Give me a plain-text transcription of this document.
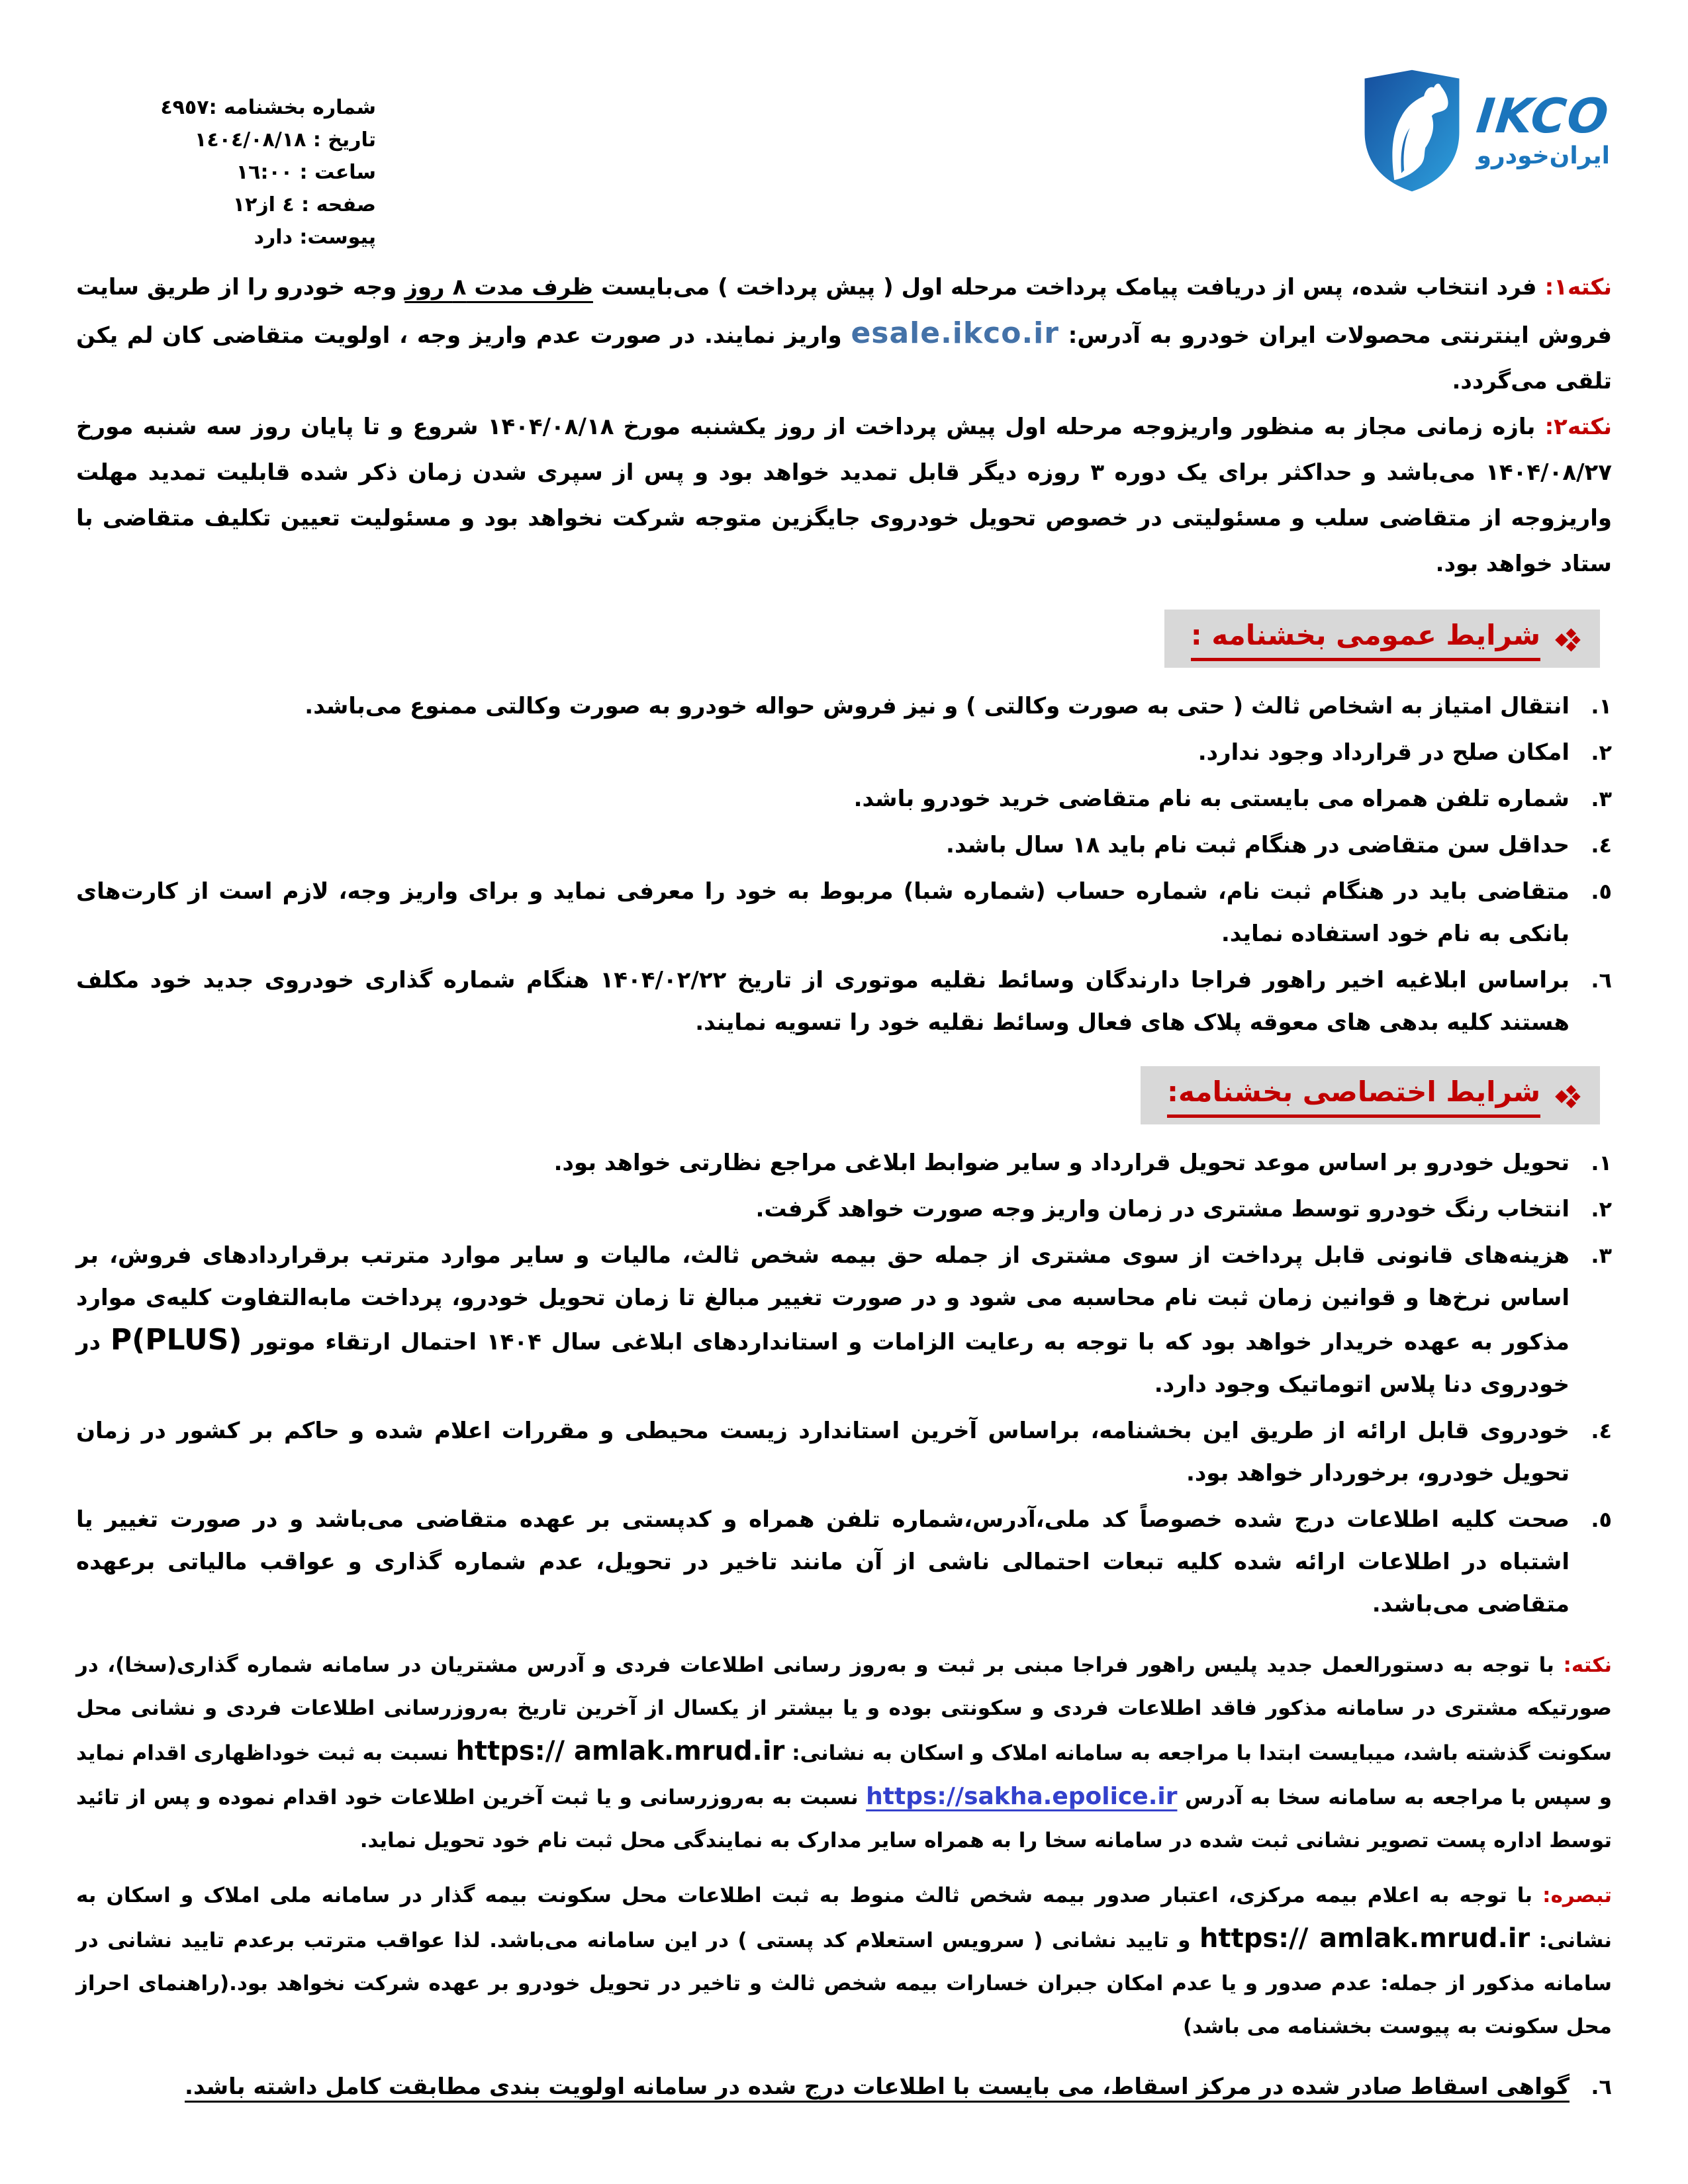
شماره بخشنامه :٤٩٥٧
تاریخ : ١٤٠٤/٠٨/١٨
ساعت : ١٦:٠٠
صفحه : ٤ از١٢
پیوست: دارد
IKCO
ایران‌خودرو

نکته۱: فرد انتخاب شده، پس از دریافت پیامک پرداخت مرحله اول ( پیش پرداخت ) می‌بایست ظرف مدت ۸ روز وجه خودرو را از طریق سایت فروش اینترنتی محصولات ایران خودرو به آدرس: esale.ikco.ir واریز نمایند. در صورت عدم واریز وجه ، اولویت متقاضی کان لم یکن تلقی می‌گردد.

نکته۲: بازه زمانی مجاز به منظور واریزوجه مرحله اول پیش پرداخت از روز یکشنبه مورخ ۱۴۰۴/۰۸/۱۸ شروع و تا پایان روز سه شنبه مورخ ۱۴۰۴/۰۸/۲۷ می‌باشد و حداکثر برای یک دوره ۳ روزه دیگر قابل تمدید خواهد بود و پس از سپری شدن زمان ذکر شده قابلیت تمدید مهلت واریزوجه از متقاضی سلب و مسئولیتی در خصوص تحویل خودروی جایگزین متوجه شرکت نخواهد بود و مسئولیت تعیین تکلیف متقاضی با ستاد خواهد بود.

شرایط عمومی بخشنامه :
١.
انتقال امتیاز به اشخاص ثالث ( حتی به صورت وکالتی ) و نیز فروش حواله خودرو به صورت وکالتی ممنوع می‌باشد.
٢.
امکان صلح در قرارداد وجود ندارد.
٣.
شماره تلفن همراه می بایستی به نام متقاضی خرید خودرو باشد.
٤.
حداقل سن متقاضی در هنگام ثبت نام باید ۱۸ سال باشد.
٥.
متقاضی باید در هنگام ثبت نام، شماره حساب (شماره شبا) مربوط به خود را معرفی نماید و برای واریز وجه، لازم است از کارت‌های بانکی به نام خود استفاده نماید.
٦.
براساس ابلاغیه اخیر راهور فراجا دارندگان وسائط نقلیه موتوری از تاریخ ۱۴۰۴/۰۲/۲۲ هنگام شماره گذاری خودروی جدید خود مکلف هستند کلیه بدهی های معوقه پلاک های فعال وسائط نقلیه خود را تسویه نمایند.
شرایط اختصاصی بخشنامه:
١.
تحویل خودرو بر اساس موعد تحویل قرارداد و سایر ضوابط ابلاغی مراجع نظارتی خواهد بود.
٢.
انتخاب رنگ خودرو توسط مشتری در زمان واریز وجه صورت خواهد گرفت.
٣.
هزینه‌های قانونی قابل پرداخت از سوی مشتری از جمله حق بیمه شخص ثالث، مالیات و سایر موارد مترتب برقراردادهای فروش، بر اساس نرخ‌ها و قوانین زمان ثبت نام محاسبه می شود و در صورت تغییر مبالغ تا زمان تحویل خودرو، پرداخت مابه‌التفاوت کلیه‌ی موارد مذکور به عهده خریدار خواهد بود که با توجه به رعایت الزامات و استانداردهای ابلاغی سال ۱۴۰۴ احتمال ارتقاء موتور P(PLUS) در خودروی دنا پلاس اتوماتیک وجود دارد.
٤.
خودروی قابل ارائه از طریق این بخشنامه، براساس آخرین استاندارد زیست محیطی و مقررات اعلام شده و حاکم بر کشور در زمان تحویل خودرو، برخوردار خواهد بود.
٥.
صحت کلیه اطلاعات درج شده خصوصاً کد ملی،آدرس،شماره تلفن همراه و کدپستی بر عهده متقاضی می‌باشد و در صورت تغییر یا اشتباه در اطلاعات ارائه شده کلیه تبعات احتمالی ناشی از آن مانند تاخیر در تحویل، عدم شماره گذاری و عواقب مالیاتی برعهده متقاضی می‌باشد.

نکته: با توجه به دستورالعمل جدید پلیس راهور فراجا مبنی بر ثبت و به‌روز رسانی اطلاعات فردی و آدرس مشتریان در سامانه شماره گذاری(سخا)، در صورتیکه مشتری در سامانه مذکور فاقد اطلاعات فردی و سکونتی بوده و یا بیشتر از یکسال از آخرین تاریخ به‌روزرسانی اطلاعات فردی و نشانی محل سکونت گذشته باشد، میبایست ابتدا با مراجعه به سامانه املاک و اسکان به نشانی: https:// amlak.mrud.ir نسبت به ثبت خوداظهاری اقدام نماید و سپس با مراجعه به سامانه سخا به آدرس https://sakha.epolice.ir نسبت به به‌روزرسانی و یا ثبت آخرین اطلاعات خود اقدام نموده و پس از تائید توسط اداره پست تصویر نشانی ثبت شده در سامانه سخا را به همراه سایر مدارک به نمایندگی محل ثبت نام خود تحویل نماید.

تبصره: با توجه به اعلام بیمه مرکزی، اعتبار صدور بیمه شخص ثالث منوط به ثبت اطلاعات محل سکونت بیمه گذار در سامانه ملی املاک و اسکان به نشانی: https:// amlak.mrud.ir و تایید نشانی ( سرویس استعلام کد پستی ) در این سامانه می‌باشد. لذا عواقب مترتب برعدم تایید نشانی در سامانه مذکور از جمله: عدم صدور و یا عدم امکان جبران خسارات بیمه شخص ثالث و تاخیر در تحویل خودرو بر عهده شرکت نخواهد بود.(راهنمای احراز محل سکونت به پیوست بخشنامه می باشد)

٦.
گواهی اسقاط صادر شده در مرکز اسقاط، می بایست با اطلاعات درج شده در سامانه اولویت بندی مطابقت کامل داشته باشد.
